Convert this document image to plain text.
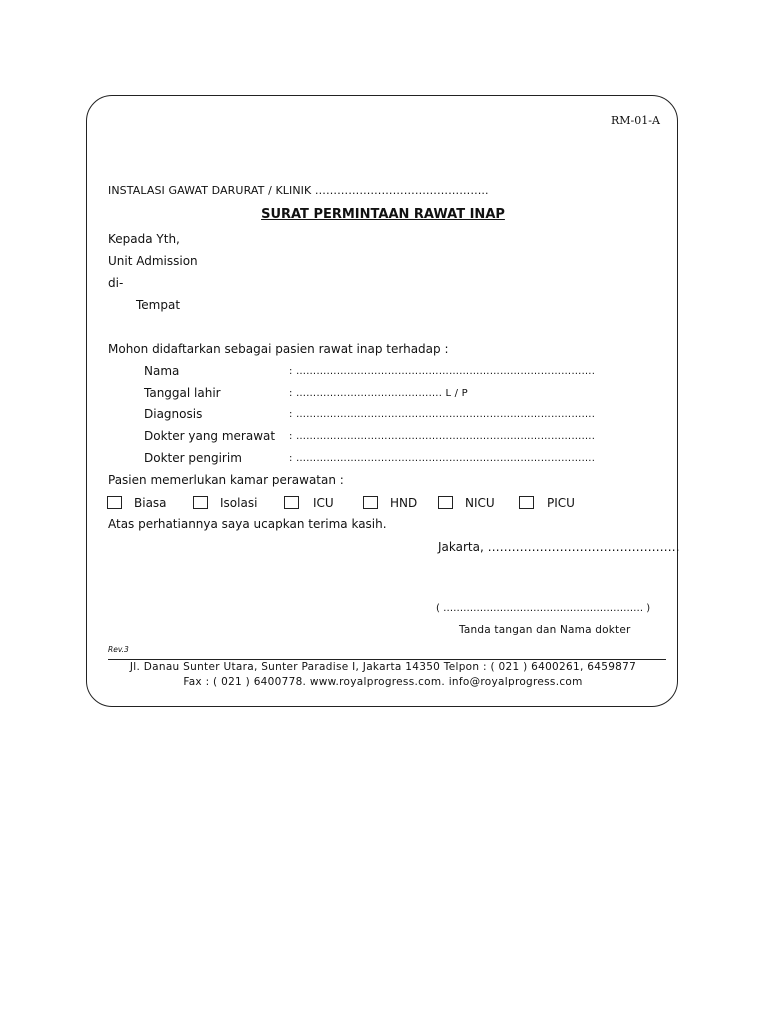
RM-01-A
INSTALASI GAWAT DARURAT / KLINIK ………………………………………..
SURAT PERMINTAAN RAWAT INAP
Kepada Yth,
Unit Admission
di-
Tempat
Mohon didaftarkan sebagai pasien rawat inap terhadap :
Nama	: …………………………………………………………………………….
Tanggal lahir	: ……………………………………. L / P
Diagnosis	: …………………………………………………………………………….
Dokter yang merawat : …………………………………………………………………………….
Dokter pengirim	: …………………………………………………………………………….
Pasien memerlukan kamar perawatan :
Biasa	Isolasi	ICU	HND	NICU	PICU
Atas perhatiannya saya ucapkan terima kasih.
Jakarta, …………………………………………
( …………………………………………………… )
Tanda tangan dan Nama dokter
Rev.3
Jl. Danau Sunter Utara, Sunter Paradise I, Jakarta 14350 Telpon : ( 021 ) 6400261, 6459877
Fax : ( 021 ) 6400778. www.royalprogress.com. info@royalprogress.com
